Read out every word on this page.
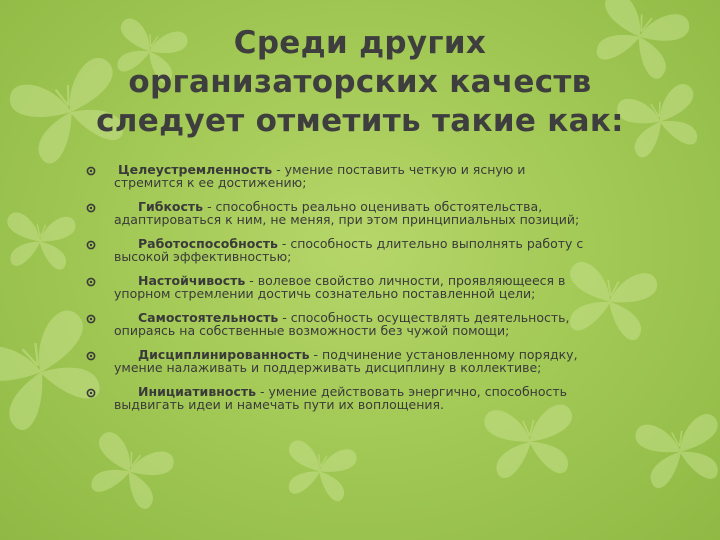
Среди других
организаторских качеств
следует отметить такие как:

Целеустремленность - умение поставить четкую и ясную и

стремится к ее достижению;

Гибкость - способность реально оценивать обстоятельства,

адаптироваться к ним, не меняя, при этом принципиальных позиций;

Работоспособность - способность длительно выполнять работу с

высокой эффективностью;

Настойчивость - волевое свойство личности, проявляющееся в

упорном стремлении достичь сознательно поставленной цели;

Самостоятельность - способность осуществлять деятельность,

опираясь на собственные возможности без чужой помощи;

Дисциплинированность - подчинение установленному порядку,

умение налаживать и поддерживать дисциплину в коллективе;

Инициативность - умение действовать энергично, способность

выдвигать идеи и намечать пути их воплощения.
